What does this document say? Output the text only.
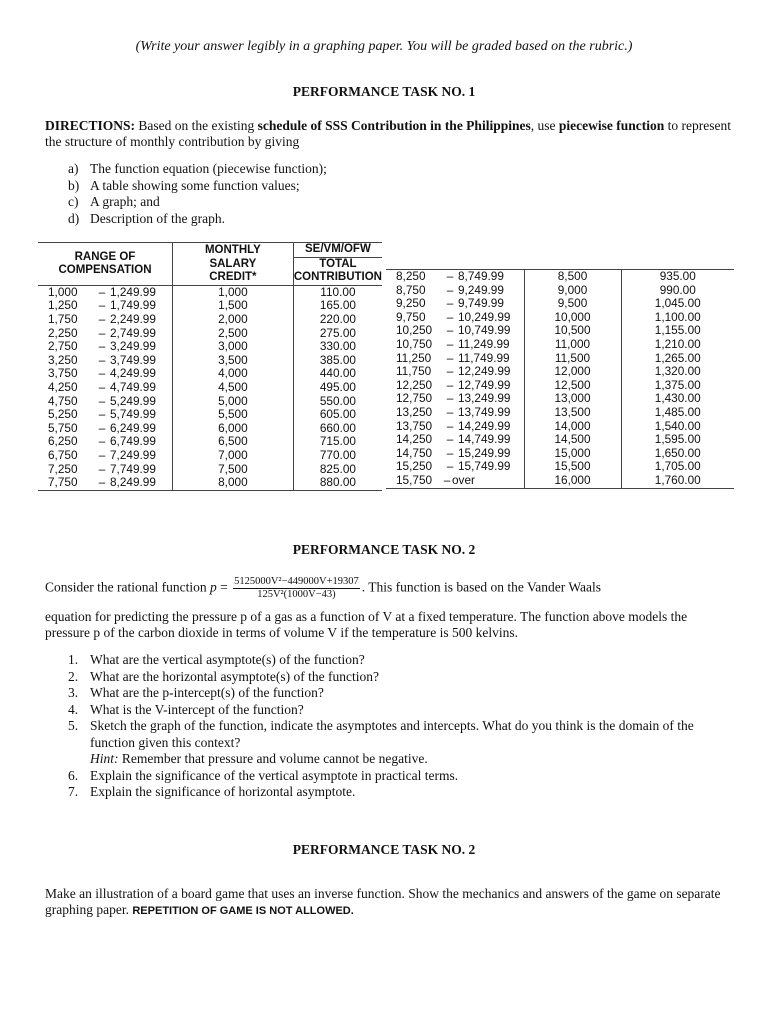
(Write your answer legibly in a graphing paper. You will be graded based on the rubric.)
PERFORMANCE TASK NO. 1
DIRECTIONS: Based on the existing schedule of SSS Contribution in the Philippines, use piecewise function to represent the structure of monthly contribution by giving
a) The function equation (piecewise function);
b) A table showing some function values;
c) A graph; and
d) Description of the graph.
RANGE OF
COMPENSATION	MONTHLY	SE/VM/OFW
	SALARY	TOTAL
	CREDIT*	CONTRIBUTION
1,000 – 1,249.99	1,000	110.00
1,250 – 1,749.99	1,500	165.00
1,750 – 2,249.99	2,000	220.00
2,250 – 2,749.99	2,500	275.00
2,750 – 3,249.99	3,000	330.00
3,250 – 3,749.99	3,500	385.00
3,750 – 4,249.99	4,000	440.00
4,250 – 4,749.99	4,500	495.00
4,750 – 5,249.99	5,000	550.00
5,250 – 5,749.99	5,500	605.00
5,750 – 6,249.99	6,000	660.00
6,250 – 6,749.99	6,500	715.00
6,750 – 7,249.99	7,000	770.00
7,250 – 7,749.99	7,500	825.00
7,750 – 8,249.99	8,000	880.00
8,250 – 8,749.99	8,500	935.00
8,750 – 9,249.99	9,000	990.00
9,250 – 9,749.99	9,500	1,045.00
9,750 – 10,249.99	10,000	1,100.00
10,250 – 10,749.99	10,500	1,155.00
10,750 – 11,249.99	11,000	1,210.00
11,250 – 11,749.99	11,500	1,265.00
11,750 – 12,249.99	12,000	1,320.00
12,250 – 12,749.99	12,500	1,375.00
12,750 – 13,249.99	13,000	1,430.00
13,250 – 13,749.99	13,500	1,485.00
13,750 – 14,249.99	14,000	1,540.00
14,250 – 14,749.99	14,500	1,595.00
14,750 – 15,249.99	15,000	1,650.00
15,250 – 15,749.99	15,500	1,705.00
15,750 – over	16,000	1,760.00
PERFORMANCE TASK NO. 2
Consider the rational function $p = \frac{\text{5125000V²−449000V+19307}}{\text{125V²(1000V−43)}}$ . This function is based on the Vander Waals
equation for predicting the pressure p of a gas as a function of V at a fixed temperature. The function above models the pressure p of the carbon dioxide in terms of volume V if the temperature is 500 kelvins.
1. What are the vertical asymptote(s) of the function?
2. What are the horizontal asymptote(s) of the function?
3. What are the p-intercept(s) of the function?
4. What is the V-intercept of the function?
5. Sketch the graph of the function, indicate the asymptotes and intercepts. What do you think is the domain of the function given this context?
Hint: Remember that pressure and volume cannot be negative.
6. Explain the significance of the vertical asymptote in practical terms.
7. Explain the significance of horizontal asymptote.
PERFORMANCE TASK NO. 2
Make an illustration of a board game that uses an inverse function. Show the mechanics and answers of the game on separate graphing paper. REPETITION OF GAME IS NOT ALLOWED.
